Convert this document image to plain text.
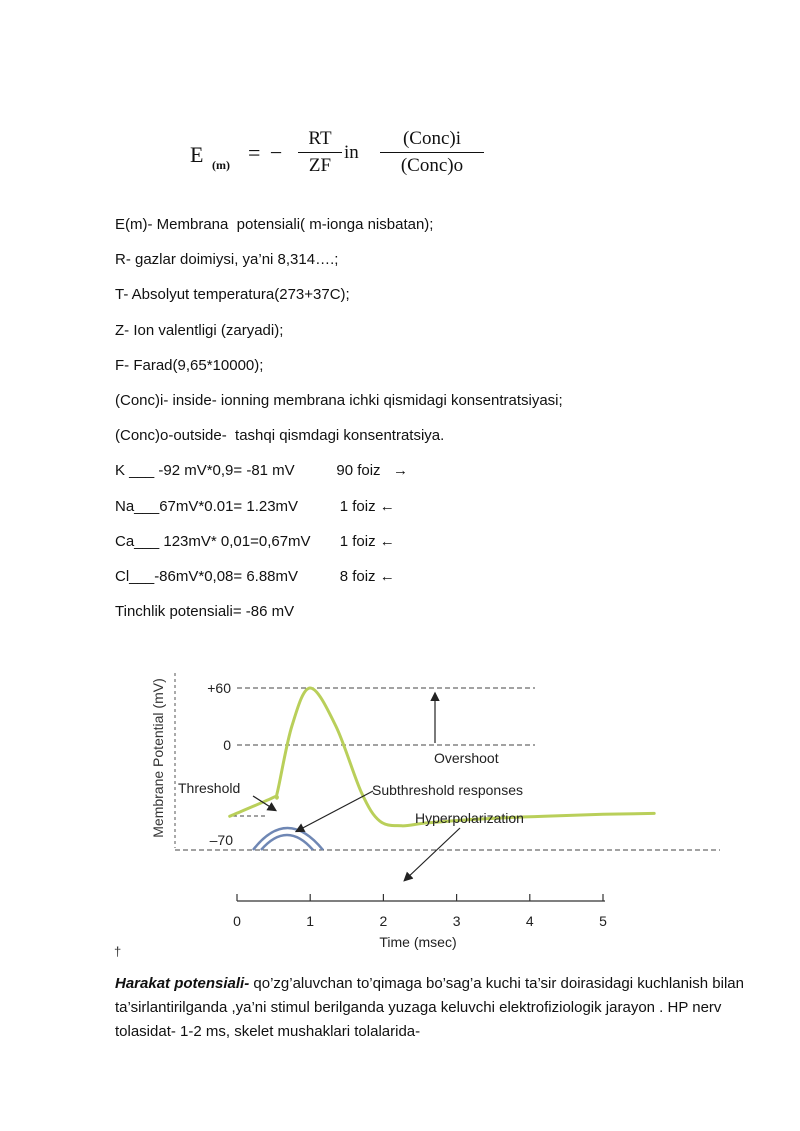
E (m) = − $\frac{RT}{ZF}$ in
(Conc)i
(Conc)o
E(m)- Membrana  potensiali( m-ionga nisbatan);
R- gazlar doimiysi, ya’ni 8,314….;
T- Absolyut temperatura(273+37C);
Z- Ion valentligi (zaryadi);
F- Farad(9,65*10000);
(Conc)i- inside- ionning membrana ichki qismidagi konsentratsiyasi;
(Conc)o-outside-  tashqi qismdagi konsentratsiya.
K ___ -92 mV*0,9= -81 mV          90 foiz   →
Na___67mV*0.01= 1.23mV          1 foiz ←
Ca___ 123mV* 0,01=0,67mV       1 foiz ←
Cl___-86mV*0,08= 6.88mV          8 foiz ←
Tinchlik potensiali= -86 mV
Membrane Potential (mV)	+60
0
–70
Threshold	Subthreshold responses
Overshoot
Hyperpolarization
0	1	2	3	4	5
Time (msec)
†
Harakat potensiali- qo’zg’aluvchan to’qimaga bo’sag’a kuchi ta’sir doirasidagi kuchlanish bilan ta’sirlantirilganda ,ya’ni stimul berilganda yuzaga keluvchi elektrofiziologik jarayon . HP nerv tolasidat- 1-2 ms, skelet mushaklari tolalarida-
